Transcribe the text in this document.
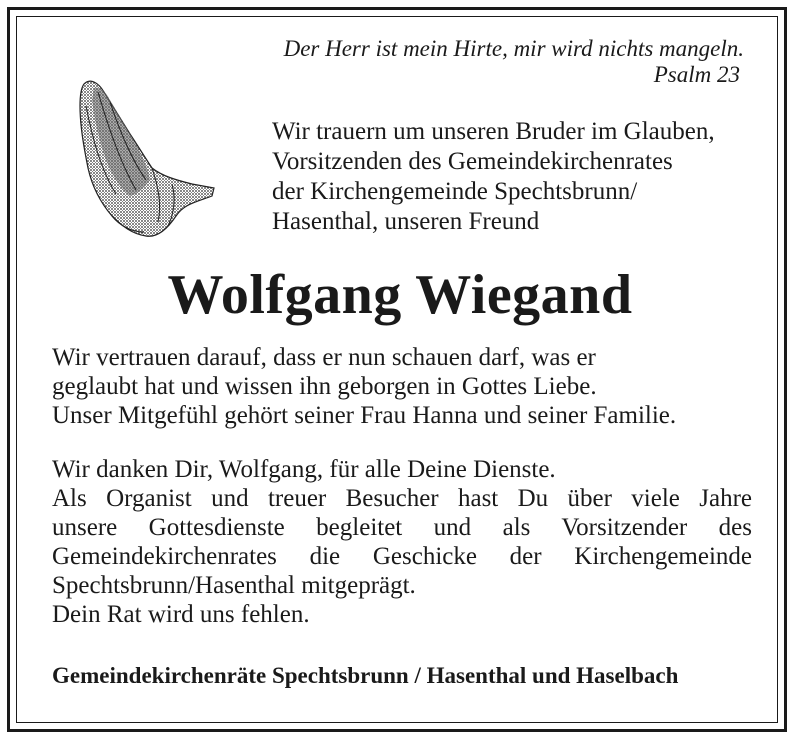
Der Herr ist mein Hirte, mir wird nichts mangeln.
Psalm 23
Wir trauern um unseren Bruder im Glauben,
Vorsitzenden des Gemeindekirchenrates
der Kirchengemeinde Spechtsbrunn/
Hasenthal, unseren Freund
Wolfgang Wiegand
Wir vertrauen darauf, dass er nun schauen darf, was er
geglaubt hat und wissen ihn geborgen in Gottes Liebe.
Unser Mitgefühl gehört seiner Frau Hanna und seiner Familie.
Wir danken Dir, Wolfgang, für alle Deine Dienste.
Als Organist und treuer Besucher hast Du über viele Jahre
unsere Gottesdienste begleitet und als Vorsitzender des
Gemeindekirchenrates die Geschicke der Kirchengemeinde
Spechtsbrunn/Hasenthal mitgeprägt.
Dein Rat wird uns fehlen.
Gemeindekirchenräte Spechtsbrunn / Hasenthal und Haselbach
